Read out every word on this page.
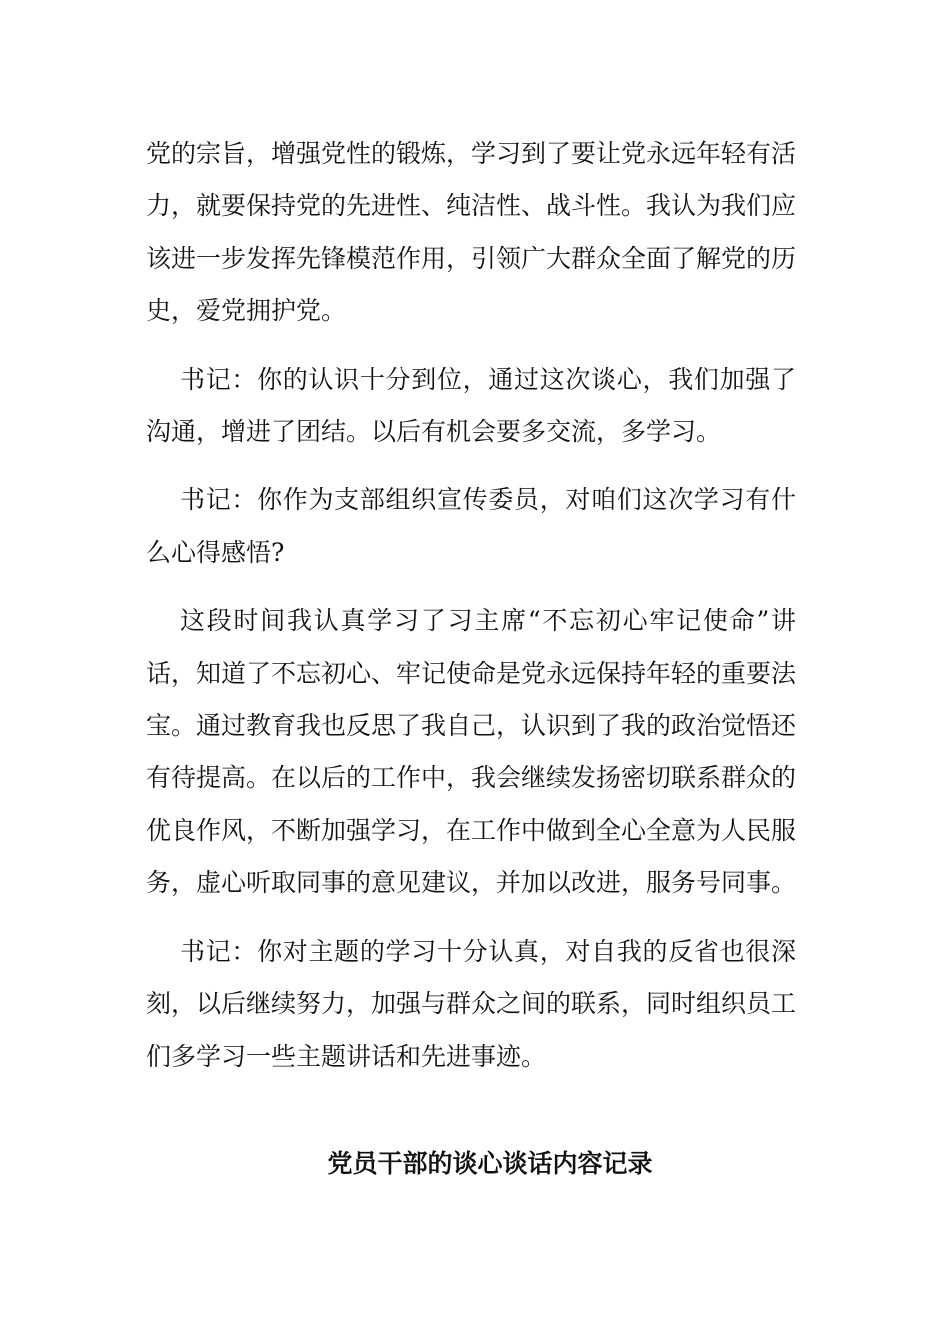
党的宗旨，增强党性的锻炼，学习到了要让党永远年轻有活力，就要保持党的先进性、纯洁性、战斗性。我认为我们应该进一步发挥先锋模范作用，引领广大群众全面了解党的历史，爱党拥护党。

书记：你的认识十分到位，通过这次谈心，我们加强了沟通，增进了团结。以后有机会要多交流，多学习。

书记：你作为支部组织宣传委员，对咱们这次学习有什么心得感悟?

这段时间我认真学习了习主席“不忘初心牢记使命”讲话，知道了不忘初心、牢记使命是党永远保持年轻的重要法宝。通过教育我也反思了我自己，认识到了我的政治觉悟还有待提高。在以后的工作中，我会继续发扬密切联系群众的优良作风，不断加强学习，在工作中做到全心全意为人民服务，虚心听取同事的意见建议，并加以改进，服务号同事。

书记：你对主题的学习十分认真，对自我的反省也很深刻，以后继续努力，加强与群众之间的联系，同时组织员工们多学习一些主题讲话和先进事迹。

党员干部的谈心谈话内容记录
